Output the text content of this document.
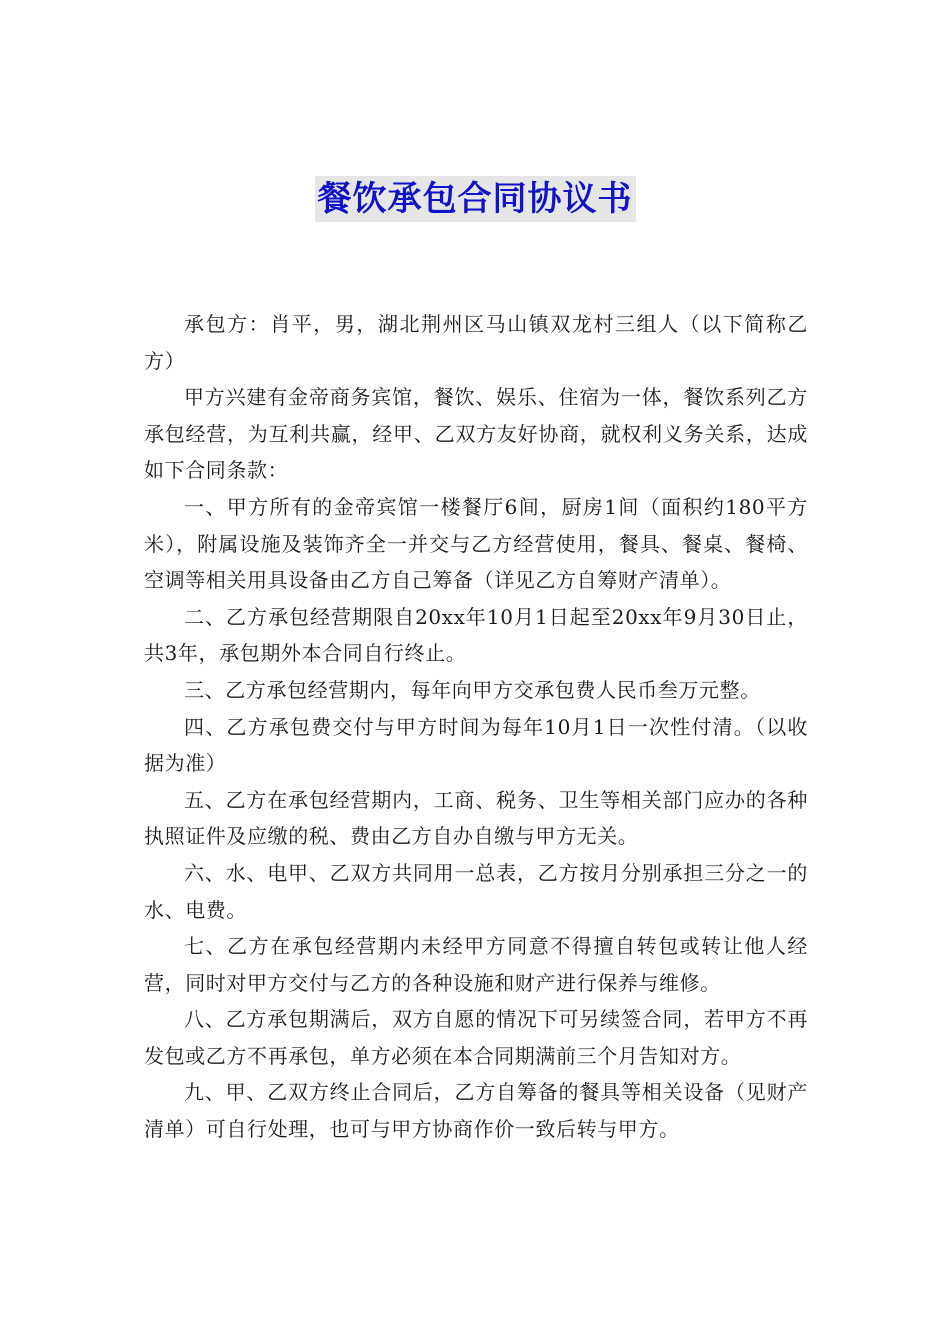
餐饮承包合同协议书

承包方：肖平，男，湖北荆州区马山镇双龙村三组人（以下简称乙方）

甲方兴建有金帝商务宾馆，餐饮、娱乐、住宿为一体，餐饮系列乙方承包经营，为互利共赢，经甲、乙双方友好协商，就权利义务关系，达成如下合同条款：

一、甲方所有的金帝宾馆一楼餐厅6间，厨房1间（面积约180平方米），附属设施及装饰齐全一并交与乙方经营使用，餐具、餐桌、餐椅、空调等相关用具设备由乙方自己筹备（详见乙方自筹财产清单）。

二、乙方承包经营期限自20xx年10月1日起至20xx年9月30日止，共3年，承包期外本合同自行终止。

三、乙方承包经营期内，每年向甲方交承包费人民币叁万元整。

四、乙方承包费交付与甲方时间为每年10月1日一次性付清。（以收据为准）

五、乙方在承包经营期内，工商、税务、卫生等相关部门应办的各种执照证件及应缴的税、费由乙方自办自缴与甲方无关。

六、水、电甲、乙双方共同用一总表，乙方按月分别承担三分之一的水、电费。

七、乙方在承包经营期内未经甲方同意不得擅自转包或转让他人经营，同时对甲方交付与乙方的各种设施和财产进行保养与维修。

八、乙方承包期满后，双方自愿的情况下可另续签合同，若甲方不再发包或乙方不再承包，单方必须在本合同期满前三个月告知对方。

九、甲、乙双方终止合同后，乙方自筹备的餐具等相关设备（见财产清单）可自行处理，也可与甲方协商作价一致后转与甲方。
